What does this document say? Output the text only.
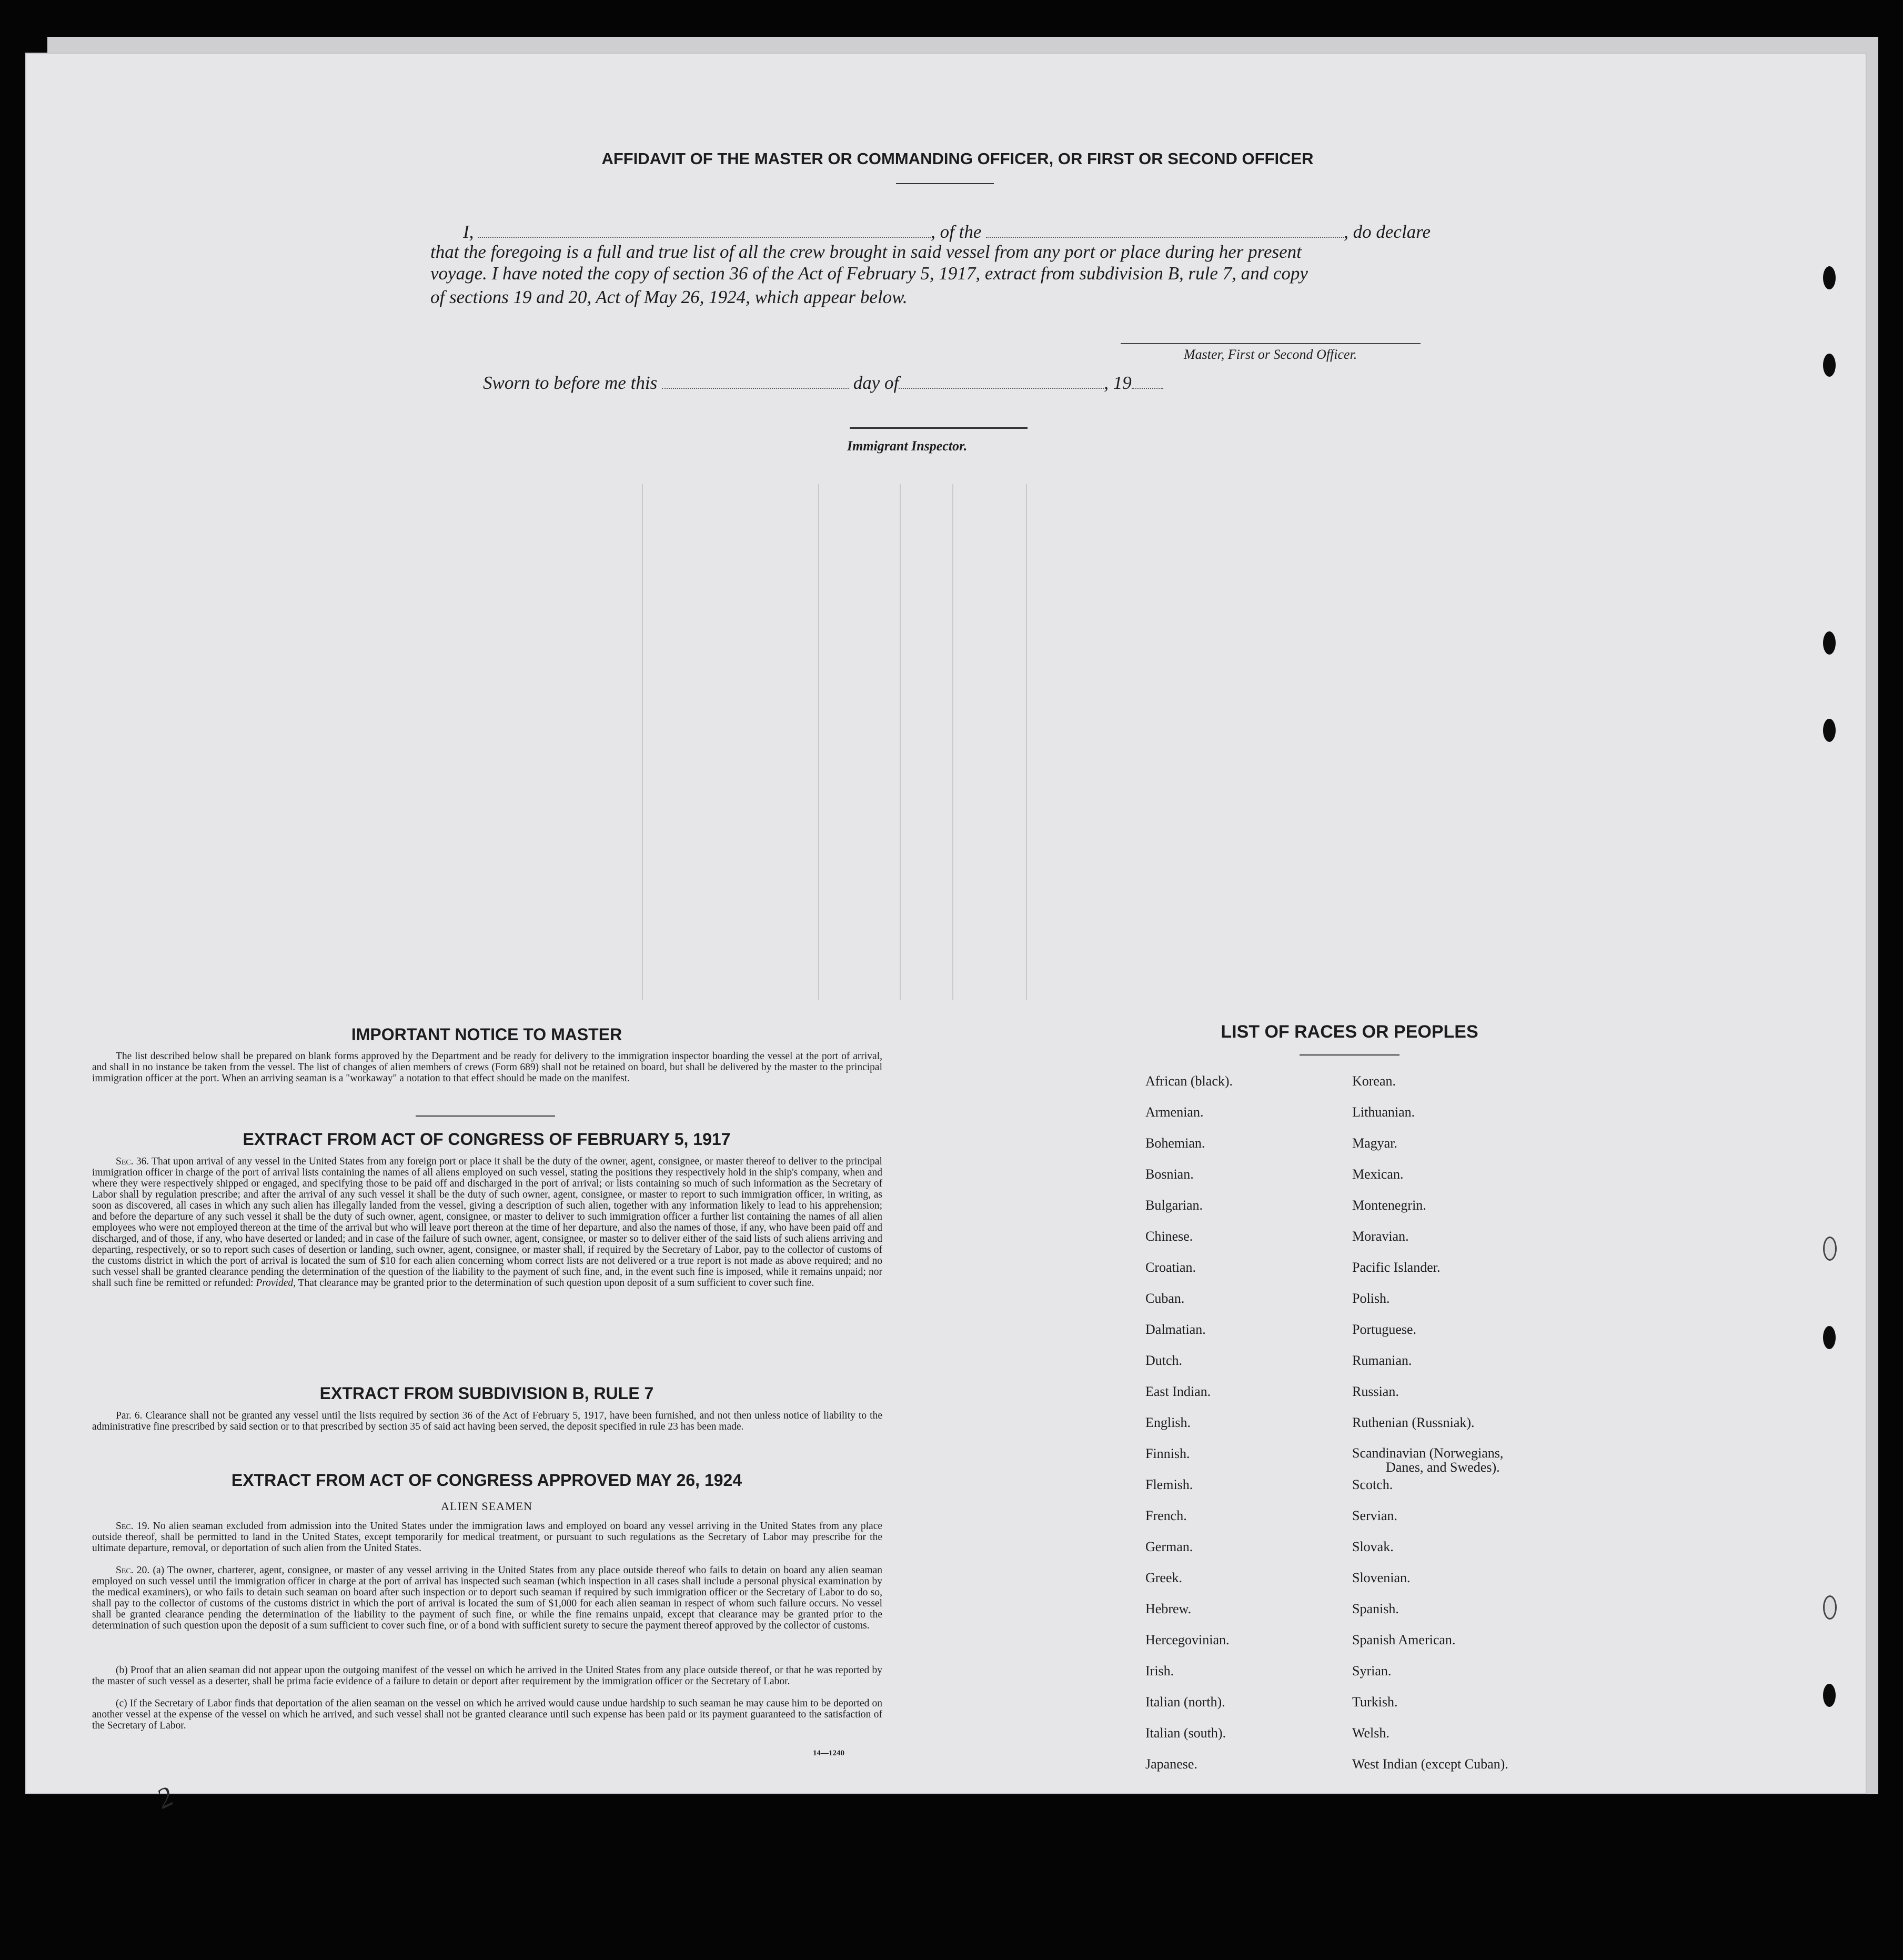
AFFIDAVIT OF THE MASTER OR COMMANDING OFFICER, OR FIRST OR SECOND OFFICER
I,	, of the	, do declare
that the foregoing is a full and true list of all the crew brought in said vessel from any port or place during her present
voyage. I have noted the copy of section 36 of the Act of February 5, 1917, extract from subdivision B, rule 7, and copy
of sections 19 and 20, Act of May 26, 1924, which appear below.
Master, First or Second Officer.
Sworn to before me this	day of	, 19
Immigrant Inspector.
IMPORTANT NOTICE TO MASTER

The list described below shall be prepared on blank forms approved by the Department and be ready for delivery to the immigration inspector boarding the vessel at the port of arrival, and shall in no instance be taken from the vessel. The list of changes of alien members of crews (Form 689) shall not be retained on board, but shall be delivered by the master to the principal immigration officer at the port. When an arriving seaman is a "workaway" a notation to that effect should be made on the manifest.

EXTRACT FROM ACT OF CONGRESS OF FEBRUARY 5, 1917

Sec. 36. That upon arrival of any vessel in the United States from any foreign port or place it shall be the duty of the owner, agent, consignee, or master thereof to deliver to the principal immigration officer in charge of the port of arrival lists containing the names of all aliens employed on such vessel, stating the positions they respectively hold in the ship's company, when and where they were respectively shipped or engaged, and specifying those to be paid off and discharged in the port of arrival; or lists containing so much of such information as the Secretary of Labor shall by regulation prescribe; and after the arrival of any such vessel it shall be the duty of such owner, agent, consignee, or master to report to such immigration officer, in writing, as soon as discovered, all cases in which any such alien has illegally landed from the vessel, giving a description of such alien, together with any information likely to lead to his apprehension; and before the departure of any such vessel it shall be the duty of such owner, agent, consignee, or master to deliver to such immigration officer a further list containing the names of all alien employees who were not employed thereon at the time of the arrival but who will leave port thereon at the time of her departure, and also the names of those, if any, who have been paid off and discharged, and of those, if any, who have deserted or landed; and in case of the failure of such owner, agent, consignee, or master so to deliver either of the said lists of such aliens arriving and departing, respectively, or so to report such cases of desertion or landing, such owner, agent, consignee, or master shall, if required by the Secretary of Labor, pay to the collector of customs of the customs district in which the port of arrival is located the sum of $10 for each alien concerning whom correct lists are not delivered or a true report is not made as above required; and no such vessel shall be granted clearance pending the determination of the question of the liability to the payment of such fine, and, in the event such fine is imposed, while it remains unpaid; nor shall such fine be remitted or refunded: Provided, That clearance may be granted prior to the determination of such question upon deposit of a sum sufficient to cover such fine.

EXTRACT FROM SUBDIVISION B, RULE 7

Par. 6. Clearance shall not be granted any vessel until the lists required by section 36 of the Act of February 5, 1917, have been furnished, and not then unless notice of liability to the administrative fine prescribed by said section or to that prescribed by section 35 of said act having been served, the deposit specified in rule 23 has been made.

EXTRACT FROM ACT OF CONGRESS APPROVED MAY 26, 1924
ALIEN SEAMEN

Sec. 19. No alien seaman excluded from admission into the United States under the immigration laws and employed on board any vessel arriving in the United States from any place outside thereof, shall be permitted to land in the United States, except temporarily for medical treatment, or pursuant to such regulations as the Secretary of Labor may prescribe for the ultimate departure, removal, or deportation of such alien from the United States.

Sec. 20. (a) The owner, charterer, agent, consignee, or master of any vessel arriving in the United States from any place outside thereof who fails to detain on board any alien seaman employed on such vessel until the immigration officer in charge at the port of arrival has inspected such seaman (which inspection in all cases shall include a personal physical examination by the medical examiners), or who fails to detain such seaman on board after such inspection or to deport such seaman if required by such immigration officer or the Secretary of Labor to do so, shall pay to the collector of customs of the customs district in which the port of arrival is located the sum of $1,000 for each alien seaman in respect of whom such failure occurs. No vessel shall be granted clearance pending the determination of the liability to the payment of such fine, or while the fine remains unpaid, except that clearance may be granted prior to the determination of such question upon the deposit of a sum sufficient to cover such fine, or of a bond with sufficient surety to secure the payment thereof approved by the collector of customs.

(b) Proof that an alien seaman did not appear upon the outgoing manifest of the vessel on which he arrived in the United States from any place outside thereof, or that he was reported by the master of such vessel as a deserter, shall be prima facie evidence of a failure to detain or deport after requirement by the immigration officer or the Secretary of Labor.

(c) If the Secretary of Labor finds that deportation of the alien seaman on the vessel on which he arrived would cause undue hardship to such seaman he may cause him to be deported on another vessel at the expense of the vessel on which he arrived, and such vessel shall not be granted clearance until such expense has been paid or its payment guaranteed to the satisfaction of the Secretary of Labor.

14—1240
LIST OF RACES OR PEOPLES
African (black).
Armenian.
Bohemian.
Bosnian.
Bulgarian.
Chinese.
Croatian.
Cuban.
Dalmatian.
Dutch.
East Indian.
English.
Finnish.
Flemish.
French.
German.
Greek.
Hebrew.
Hercegovinian.
Irish.
Italian (north).
Italian (south).
Japanese.
Korean.
Lithuanian.
Magyar.
Mexican.
Montenegrin.
Moravian.
Pacific Islander.
Polish.
Portuguese.
Rumanian.
Russian.
Ruthenian (Russniak).
Scandinavian (Norwegians,
Danes, and Swedes).
Scotch.
Servian.
Slovak.
Slovenian.
Spanish.
Spanish American.
Syrian.
Turkish.
Welsh.
West Indian (except Cuban).
2
